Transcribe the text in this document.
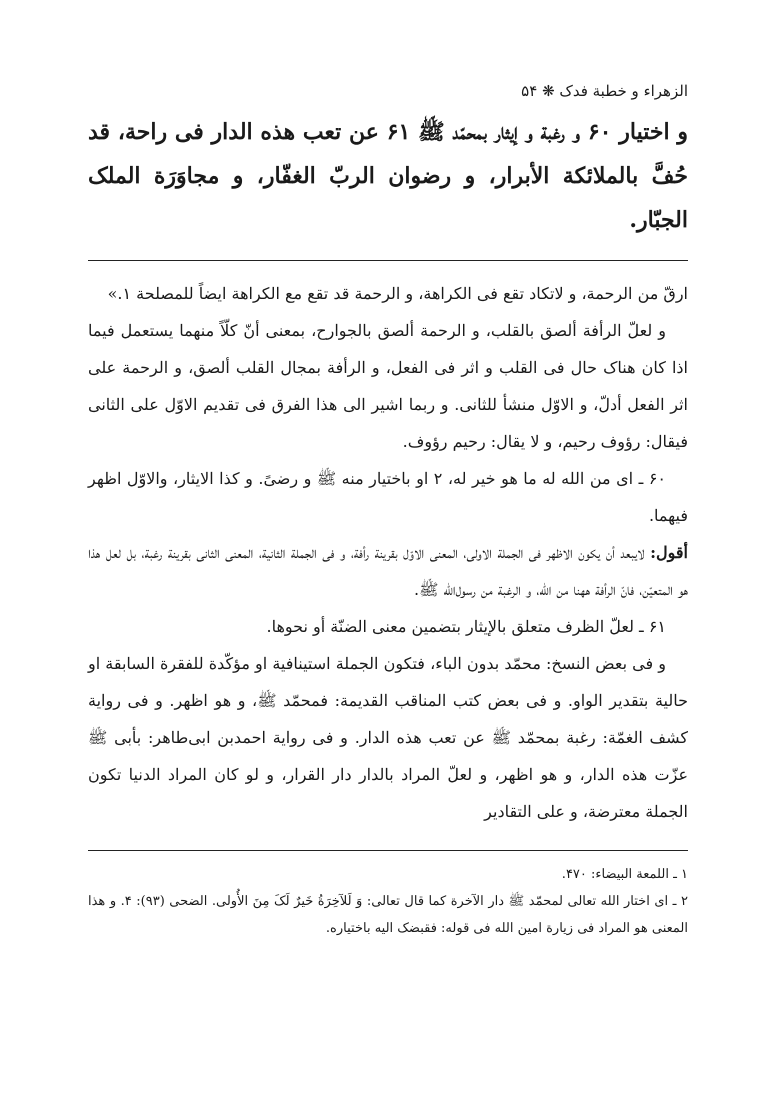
الزهراء و خطبة فدک ❋ ۵۴
و اختیار ۶۰ و رغبة و إیثار بمحمّد ﷺ ۶۱ عن تعب هذه الدار فی راحة، قد حُفَّ بالملائکة الأبرار، و رضوان الربّ الغفّار، و مجاوَرَة الملک الجبّار.

ارقّ من الرحمة، و لاتکاد تقع فی الکراهة، و الرحمة قد تقع مع الکراهة ایضاً للمصلحة ۱.»

و لعلّ الرأفة ألصق بالقلب، و الرحمة ألصق بالجوارح، بمعنی أنّ کلّاً منهما یستعمل فیما اذا کان هناک حال فی القلب و اثر فی الفعل، و الرأفة بمجال القلب ألصق، و الرحمة علی اثر الفعل أدلّ، و الاوّل منشأ للثانی. و ربما اشیر الی هذا الفرق فی تقدیم الاوّل علی الثانی فیقال: رؤوف رحیم، و لا یقال: رحیم رؤوف.

۶۰ ـ ای من الله له ما هو خیر له، ۲ او باختیار منه ﷺ و رضیً. و کذا الایثار، والاوّل اظهر فیهما.

أقول: لایبعد أن یکون الاظهر فی الجملة الاولی، المعنی الاوّل بقرینة رأفة، و فی الجملة الثانیة، المعنی الثانی بقرینة رغبة، بل لعل هذا هو المتعیّن، فانّ الرأفة ههنا من الله، و الرغبة من رسول‌الله ﷺ.

۶۱ ـ لعلّ الظرف متعلق بالإیثار بتضمین معنی الضنّة أو نحوها.

و فی بعض النسخ: محمّد بدون الباء، فتکون الجملة استینافیة او مؤکّدة للفقرة السابقة او حالیة بتقدیر الواو. و فی بعض کتب المناقب القدیمة: فمحمّد ﷺ، و هو اظهر. و فی روایة کشف الغمّة: رغبة بمحمّد ﷺ عن تعب هذه الدار. و فی روایة احمدبن ابی‌طاهر: بأبی ﷺ عزّت هذه الدار، و هو اظهر، و لعلّ المراد بالدار دار القرار، و لو کان المراد الدنیا تکون الجملة معترضة، و علی التقادیر

۱ ـ اللمعة البیضاء: ۴۷۰.

۲ ـ ای اختار الله تعالی لمحمّد ﷺ دار الآخرة کما قال تعالی: وَ لَلآخِرَةُ خَیرٌ لَکَ مِنَ الأُولی. الضحی (۹۳): ۴. و هذا المعنی هو المراد فی زیارة امین الله فی قوله: فقبضک الیه باختیاره.
